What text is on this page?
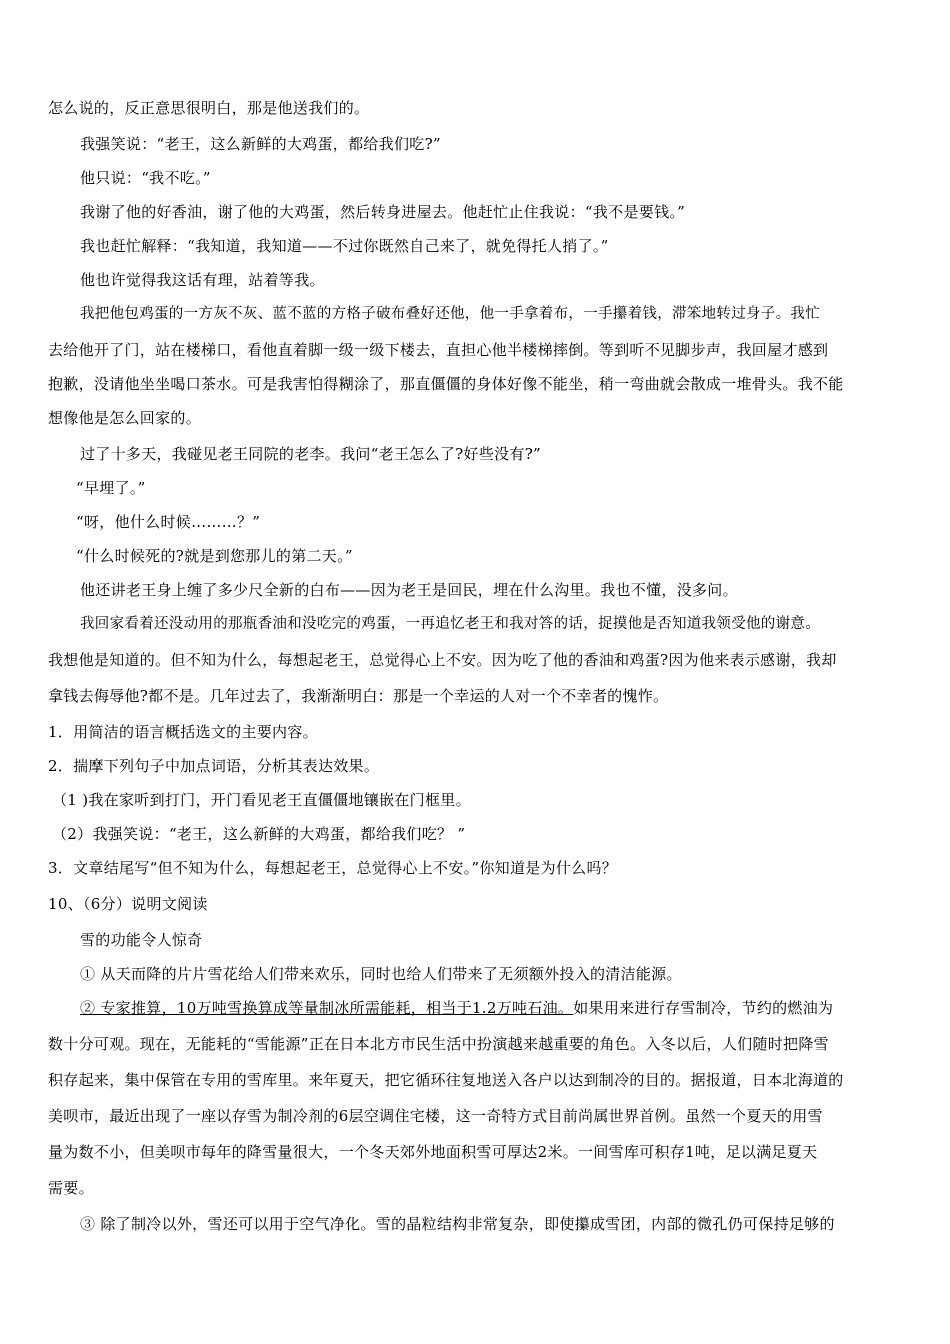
怎么说的，反正意思很明白，那是他送我们的。
我强笑说：“老王，这么新鲜的大鸡蛋，都给我们吃?”
他只说：“我不吃。”
我谢了他的好香油，谢了他的大鸡蛋，然后转身进屋去。他赶忙止住我说：“我不是要钱。”
我也赶忙解释：“我知道，我知道——不过你既然自己来了，就免得托人捎了。”
他也许觉得我这话有理，站着等我。
我把他包鸡蛋的一方灰不灰、蓝不蓝的方格子破布叠好还他，他一手拿着布，一手攥着钱，滞笨地转过身子。我忙
去给他开了门，站在楼梯口，看他直着脚一级一级下楼去，直担心他半楼梯摔倒。等到听不见脚步声，我回屋才感到
抱歉，没请他坐坐喝口茶水。可是我害怕得糊涂了，那直僵僵的身体好像不能坐，稍一弯曲就会散成一堆骨头。我不能
想像他是怎么回家的。
过了十多天，我碰见老王同院的老李。我问“老王怎么了?好些没有?”
“早埋了。”
“呀，他什么时候………？”
“什么时候死的?就是到您那儿的第二天。”
他还讲老王身上缠了多少尺全新的白布——因为老王是回民，埋在什么沟里。我也不懂，没多问。
我回家看着还没动用的那瓶香油和没吃完的鸡蛋，一再追忆老王和我对答的话，捉摸他是否知道我领受他的谢意。
我想他是知道的。但不知为什么，每想起老王，总觉得心上不安。因为吃了他的香油和鸡蛋?因为他来表示感谢，我却
拿钱去侮辱他?都不是。几年过去了，我渐渐明白：那是一个幸运的人对一个不幸者的愧怍。
1．用简洁的语言概括选文的主要内容。
2．揣摩下列句子中加点词语，分析其表达效果。
（1 )我在家听到打门，开门看见老王直僵僵地镶嵌在门框里。
（2）我强笑说：“老王，这么新鲜的大鸡蛋，都给我们吃？ ”
3．文章结尾写“但不知为什么，每想起老王，总觉得心上不安。”你知道是为什么吗？
10、（6分）说明文阅读
雪的功能令人惊奇
① 从天而降的片片雪花给人们带来欢乐，同时也给人们带来了无须额外投入的清洁能源。
② 专家推算，10万吨雪换算成等量制冰所需能耗，相当于1.2万吨石油。如果用来进行存雪制冷，节约的燃油为
数十分可观。现在，无能耗的“雪能源”正在日本北方市民生活中扮演越来越重要的角色。入冬以后，人们随时把降雪
积存起来，集中保管在专用的雪库里。来年夏天，把它循环往复地送入各户以达到制冷的目的。据报道，日本北海道的
美呗市，最近出现了一座以存雪为制冷剂的6层空调住宅楼，这一奇特方式目前尚属世界首例。虽然一个夏天的用雪
量为数不小，但美呗市每年的降雪量很大，一个冬天郊外地面积雪可厚达2米。一间雪库可积存1吨，足以满足夏天
需要。
③ 除了制冷以外，雪还可以用于空气净化。雪的晶粒结构非常复杂，即使攥成雪团，内部的微孔仍可保持足够的
